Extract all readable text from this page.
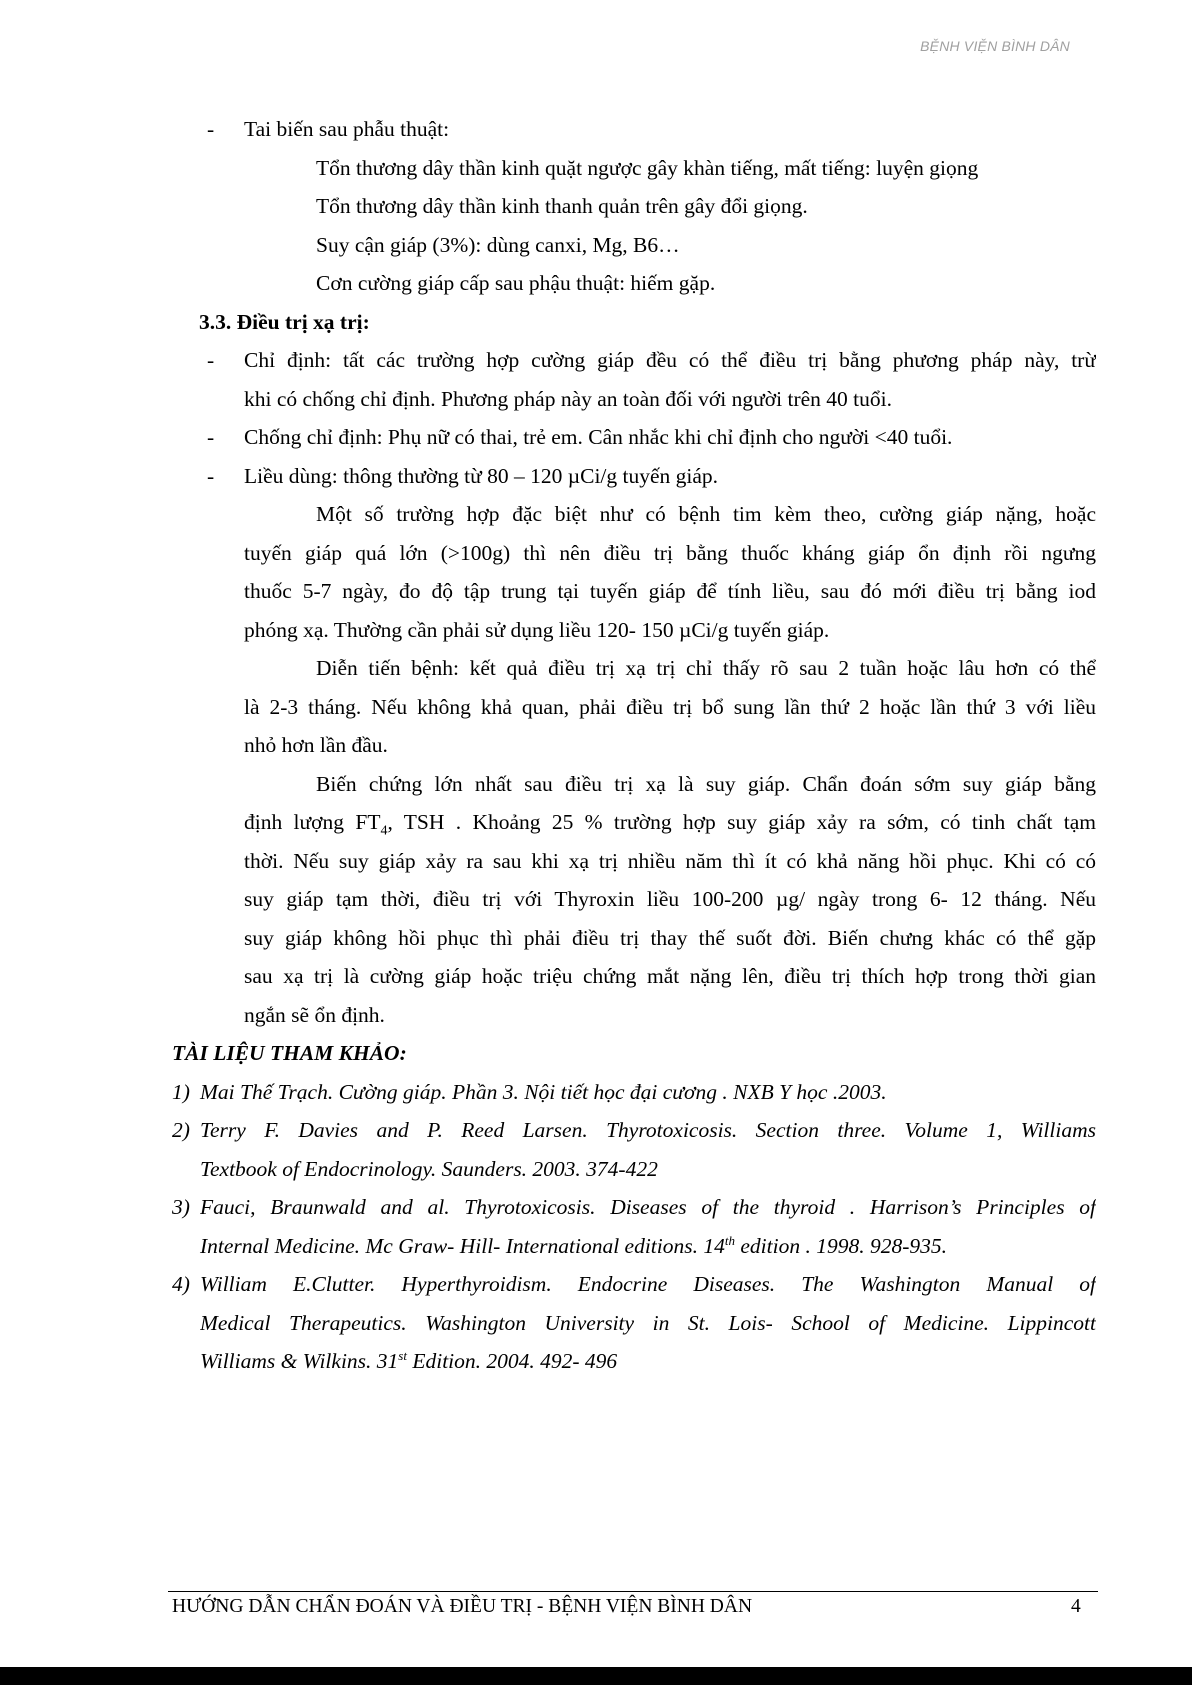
BỆNH VIỆN BÌNH DÂN
- Tai biến sau phẫu thuật:
Tổn thương dây thần kinh quặt ngược gây khàn tiếng, mất tiếng: luyện giọng
Tổn thương dây thần kinh thanh quản trên gây đổi giọng.
Suy cận giáp (3%): dùng canxi, Mg, B6…
Cơn cường giáp cấp sau phậu thuật: hiếm gặp.
3.3. Điều trị xạ trị:
-	Chỉ định: tất các trường hợp cường giáp đều có thể điều trị bằng phương pháp này, trừ
khi có chống chỉ định. Phương pháp này an toàn đối với người trên 40 tuổi.
- Chống chỉ định: Phụ nữ có thai, trẻ em. Cân nhắc khi chỉ định cho người <40 tuổi.
- Liều dùng: thông thường từ 80 – 120 µCi/g tuyến giáp.
Một số trường hợp đặc biệt như có bệnh tim kèm theo, cường giáp nặng, hoặc
tuyến giáp quá lớn (>100g) thì nên điều trị bằng thuốc kháng giáp ổn định rồi ngưng
thuốc 5-7 ngày, đo độ tập trung tại tuyến giáp để tính liều, sau đó mới điều trị bằng iod
phóng xạ. Thường cần phải sử dụng liều 120- 150 µCi/g tuyến giáp.
Diễn tiến bệnh: kết quả điều trị xạ trị chỉ thấy rõ sau 2 tuần hoặc lâu hơn có thể
là 2-3 tháng. Nếu không khả quan, phải điều trị bổ sung lần thứ 2 hoặc lần thứ 3 với liều
nhỏ hơn lần đầu.
Biến chứng lớn nhất sau điều trị xạ là suy giáp. Chẩn đoán sớm suy giáp bằng
định lượng $FT_4$, TSH . Khoảng 25 % trường hợp suy giáp xảy ra sớm, có tinh chất tạm
thời. Nếu suy giáp xảy ra sau khi xạ trị nhiều năm thì ít có khả năng hồi phục. Khi có có
suy giáp tạm thời, điều trị với Thyroxin liều 100-200 µg/ ngày trong 6- 12 tháng. Nếu
suy giáp không hồi phục thì phải điều trị thay thế suốt đời. Biến chưng khác có thể gặp
sau xạ trị là cường giáp hoặc triệu chứng mắt nặng lên, điều trị thích hợp trong thời gian
ngắn sẽ ổn định.
TÀI LIỆU THAM KHẢO:
1) Mai Thế Trạch. Cường giáp. Phần 3. Nội tiết học đại cương . NXB Y học .2003.
2) Terry F. Davies and P. Reed Larsen. Thyrotoxicosis. Section three. Volume 1, Williams
Textbook of Endocrinology. Saunders. 2003. 374-422
3) Fauci, Braunwald and al. Thyrotoxicosis. Diseases of the thyroid . Harrison’s Principles of
Internal Medicine. Mc Graw- Hill- International editions. 14th edition . 1998. 928-935.
4) William E.Clutter. Hyperthyroidism. Endocrine Diseases. The Washington Manual of
Medical Therapeutics. Washington University in St. Lois- School of Medicine. Lippincott
Williams & Wilkins. 31st Edition. 2004. 492- 496
HƯỚNG DẪN CHẨN ĐOÁN VÀ ĐIỀU TRỊ - BỆNH VIỆN BÌNH DÂN	4
